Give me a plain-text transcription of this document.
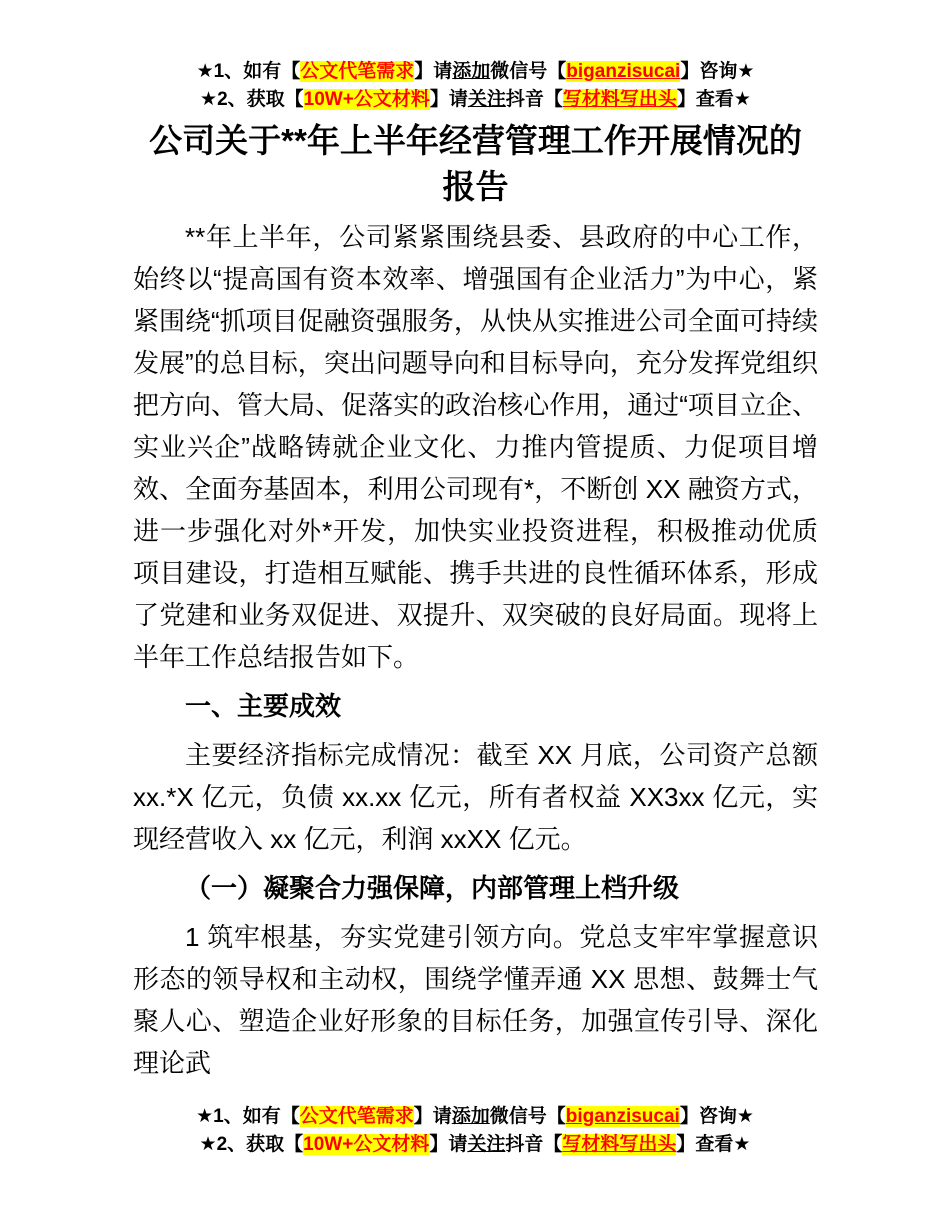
★1、如有【公文代笔需求】请添加微信号【biganzisucai】咨询★
★2、获取【10W+公文材料】请关注抖音【写材料写出头】查看★
公司关于**年上半年经营管理工作开展情况的报告

**年上半年，公司紧紧围绕县委、县政府的中心工作，始终以“提高国有资本效率、增强国有企业活力”为中心，紧紧围绕“抓项目促融资强服务，从快从实推进公司全面可持续发展”的总目标，突出问题导向和目标导向，充分发挥党组织把方向、管大局、促落实的政治核心作用，通过“项目立企、实业兴企”战略铸就企业文化、力推内管提质、力促项目增效、全面夯基固本，利用公司现有*，不断创 XX 融资方式，进一步强化对外*开发，加快实业投资进程，积极推动优质项目建设，打造相互赋能、携手共进的良性循环体系，形成了党建和业务双促进、双提升、双突破的良好局面。现将上半年工作总结报告如下。

一、主要成效

主要经济指标完成情况：截至 XX 月底，公司资产总额 xx.*X 亿元，负债 xx.xx 亿元，所有者权益 XX3xx 亿元，实现经营收入 xx 亿元，利润 xxXX 亿元。

（一）凝聚合力强保障，内部管理上档升级

1 筑牢根基，夯实党建引领方向。党总支牢牢掌握意识形态的领导权和主动权，围绕学懂弄通 XX 思想、鼓舞士气聚人心、塑造企业好形象的目标任务，加强宣传引导、深化理论武

★1、如有【公文代笔需求】请添加微信号【biganzisucai】咨询★
★2、获取【10W+公文材料】请关注抖音【写材料写出头】查看★
